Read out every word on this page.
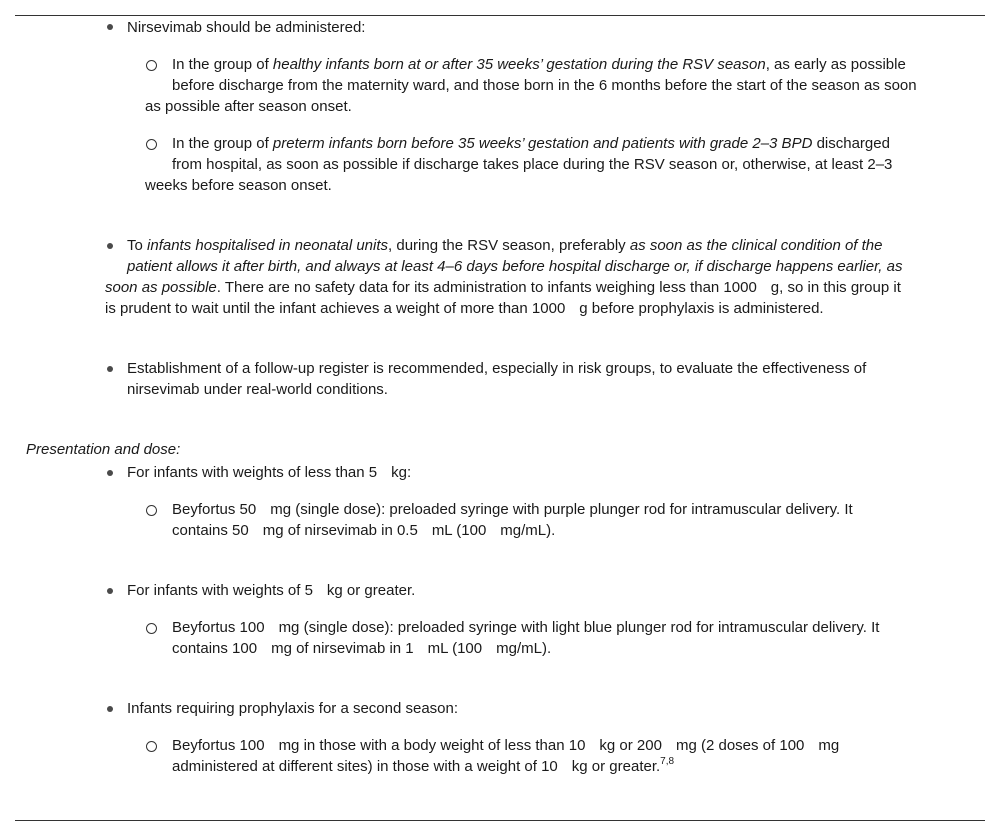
Nirsevimab should be administered:

In the group of healthy infants born at or after 35 weeks’ gestation during the RSV season, as early as possible
before discharge from the maternity ward, and those born in the 6 months before the start of the season as soon
as possible after season onset.
In the group of preterm infants born before 35 weeks’ gestation and patients with grade 2–3 BPD discharged
from hospital, as soon as possible if discharge takes place during the RSV season or, otherwise, at least 2–3
weeks before season onset.
To infants hospitalised in neonatal units, during the RSV season, preferably as soon as the clinical condition of the
patient allows it after birth, and always at least 4–6 days before hospital discharge or, if discharge happens earlier, as
soon as possible. There are no safety data for its administration to infants weighing less than 1000 g, so in this group it
is prudent to wait until the infant achieves a weight of more than 1000 g before prophylaxis is administered.
Establishment of a follow-up register is recommended, especially in risk groups, to evaluate the effectiveness of
nirsevimab under real-world conditions.

Presentation and dose:

For infants with weights of less than 5 kg:
Beyfortus 50 mg (single dose): preloaded syringe with purple plunger rod for intramuscular delivery. It
contains 50 mg of nirsevimab in 0.5 mL (100 mg/mL).
For infants with weights of 5 kg or greater.
Beyfortus 100 mg (single dose): preloaded syringe with light blue plunger rod for intramuscular delivery. It
contains 100 mg of nirsevimab in 1 mL (100 mg/mL).
Infants requiring prophylaxis for a second season:
Beyfortus 100 mg in those with a body weight of less than 10 kg or 200 mg (2 doses of 100 mg
administered at different sites) in those with a weight of 10 kg or greater.$^{7,8}$
